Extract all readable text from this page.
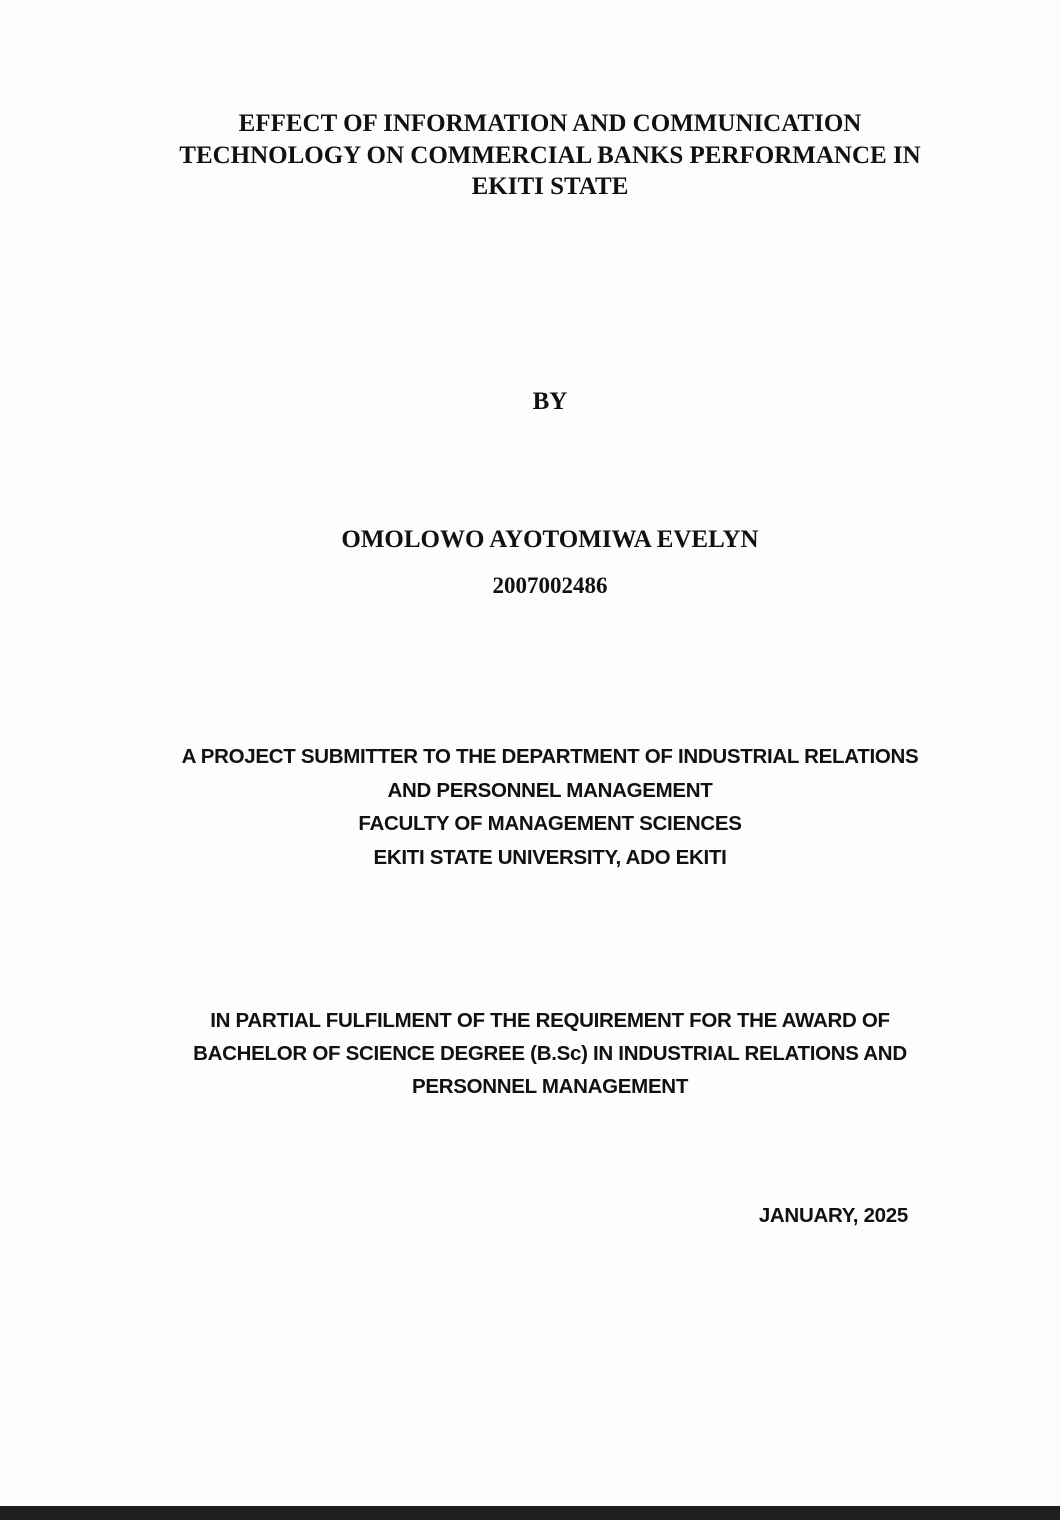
EFFECT OF INFORMATION AND COMMUNICATION
TECHNOLOGY ON COMMERCIAL BANKS PERFORMANCE IN
EKITI STATE
BY
OMOLOWO AYOTOMIWA EVELYN
2007002486
A PROJECT SUBMITTER TO THE DEPARTMENT OF INDUSTRIAL RELATIONS
AND PERSONNEL MANAGEMENT
FACULTY OF MANAGEMENT SCIENCES
EKITI STATE UNIVERSITY, ADO EKITI
IN PARTIAL FULFILMENT OF THE REQUIREMENT FOR THE AWARD OF
BACHELOR OF SCIENCE DEGREE (B.Sc) IN INDUSTRIAL RELATIONS AND
PERSONNEL MANAGEMENT
JANUARY, 2025
